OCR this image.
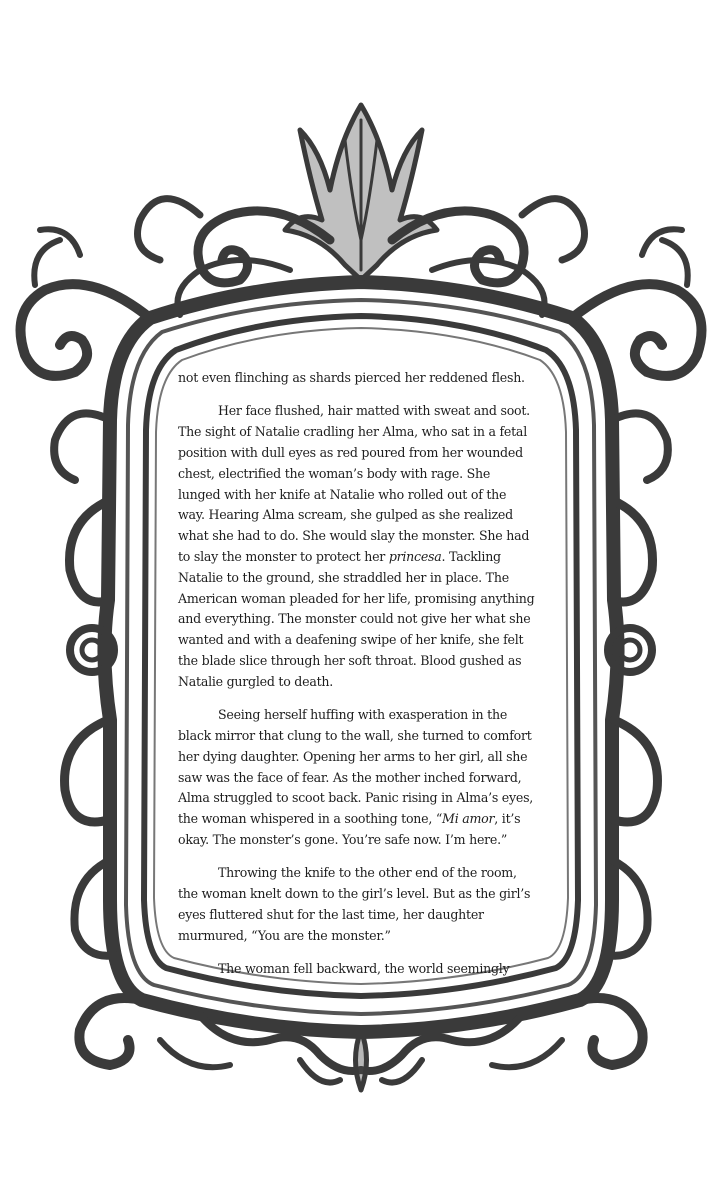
not even flinching as shards pierced her reddened flesh.

Her face flushed, hair matted with sweat and soot. The sight of Natalie cradling her Alma, who sat in a fetal position with dull eyes as red poured from her wounded chest, electrified the woman’s body with rage. She lunged with her knife at Natalie who rolled out of the way. Hearing Alma scream, she gulped as she realized what she had to do. She would slay the monster. She had to slay the monster to protect her princesa. Tackling Natalie to the ground, she straddled her in place. The American woman pleaded for her life, promising anything and everything. The monster could not give her what she wanted and with a deafening swipe of her knife, she felt the blade slice through her soft throat. Blood gushed as Natalie gurgled to death.

Seeing herself huffing with exasperation in the black mirror that clung to the wall, she turned to comfort her dying daughter. Opening her arms to her girl, all she saw was the face of fear. As the mother inched forward, Alma struggled to scoot back. Panic rising in Alma’s eyes, the woman whispered in a soothing tone, “Mi amor, it’s okay. The monster’s gone. You’re safe now. I’m here.”

Throwing the knife to the other end of the room, the woman knelt down to the girl’s level. But as the girl’s eyes fluttered shut for the last time, her daughter murmured, “You are the monster.”

The woman fell backward, the world seemingly
